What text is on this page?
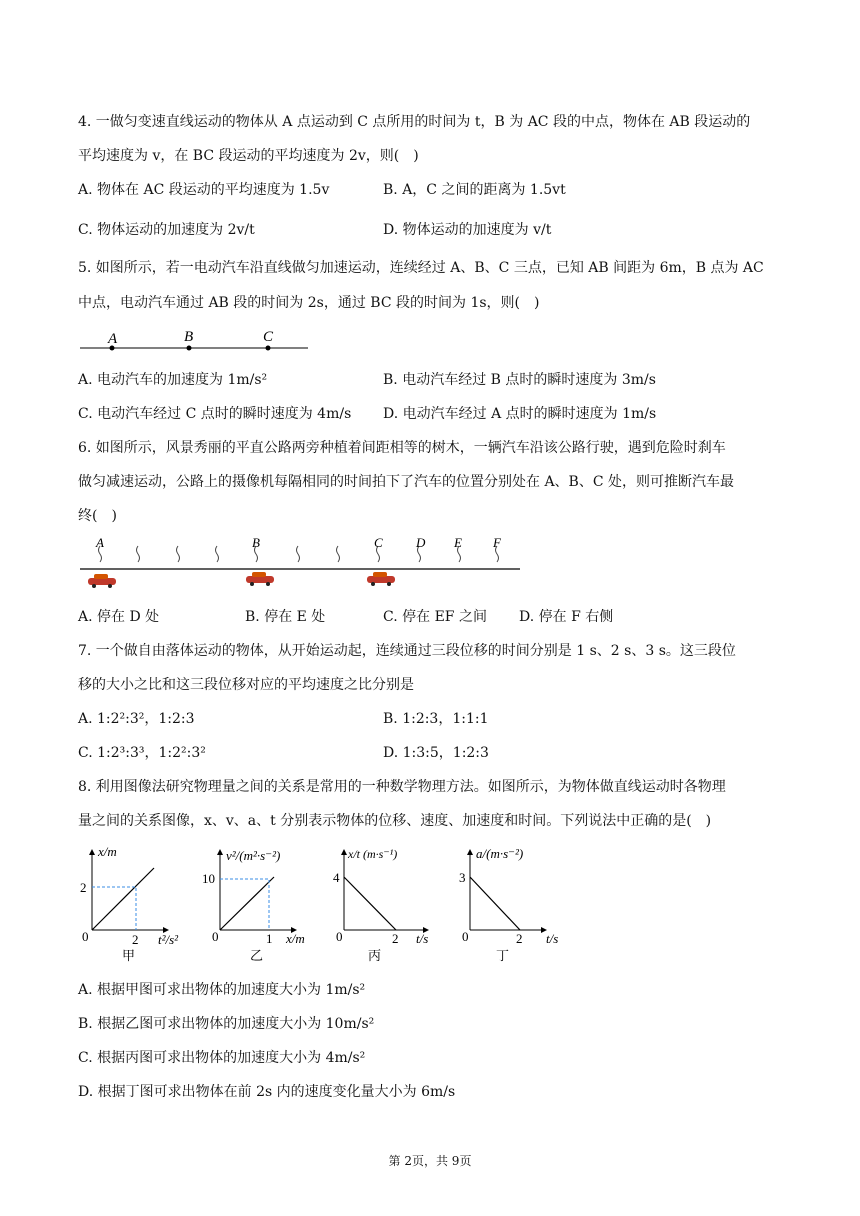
4. 一做匀变速直线运动的物体从 A 点运动到 C 点所用的时间为 t，B 为 AC 段的中点，物体在 AB 段运动的
平均速度为 v，在 BC 段运动的平均速度为 2v，则(　)
A. 物体在 AC 段运动的平均速度为 1.5v	B. A，C 之间的距离为 1.5vt
C. 物体运动的加速度为 2v/t	D. 物体运动的加速度为 v/t
5. 如图所示，若一电动汽车沿直线做匀加速运动，连续经过 A、B、C 三点，已知 AB 间距为 6m，B 点为 AC
中点，电动汽车通过 AB 段的时间为 2s，通过 BC 段的时间为 1s，则(　)
A	B	C
A. 电动汽车的加速度为 1m/s²	B. 电动汽车经过 B 点时的瞬时速度为 3m/s
C. 电动汽车经过 C 点时的瞬时速度为 4m/s D. 电动汽车经过 A 点时的瞬时速度为 1m/s
6. 如图所示，风景秀丽的平直公路两旁种植着间距相等的树木，一辆汽车沿该公路行驶，遇到危险时刹车
做匀减速运动，公路上的摄像机每隔相同的时间拍下了汽车的位置分别处在 A、B、C 处，则可推断汽车最
终(　)
A	B	C	D E F
A. 停在 D 处	B. 停在 E 处	C. 停在 EF 之间 D. 停在 F 右侧
7. 一个做自由落体运动的物体，从开始运动起，连续通过三段位移的时间分别是 1 s、2 s、3 s。这三段位
移的大小之比和这三段位移对应的平均速度之比分别是
A. 1:2²:3²，1:2:3	B. 1:2:3，1:1:1
C. 1:2³:3³，1:2²:3²	D. 1:3:5，1:2:3
8. 利用图像法研究物理量之间的关系是常用的一种数学物理方法。如图所示，为物体做直线运动时各物理
量之间的关系图像，x、v、a、t 分别表示物体的位移、速度、加速度和时间。下列说法中正确的是(　)
x/m
2
0	2 t²/s²
甲
v²/(m²·s⁻²)
10
0	1 x/m
乙
x/t (m·s⁻¹)
4
0	2 t/s
丙
a/(m·s⁻²)
3
0	2 t/s
丁
A. 根据甲图可求出物体的加速度大小为 1m/s²
B. 根据乙图可求出物体的加速度大小为 10m/s²
C. 根据丙图可求出物体的加速度大小为 4m/s²
D. 根据丁图可求出物体在前 2s 内的速度变化量大小为 6m/s
第 2页，共 9页
